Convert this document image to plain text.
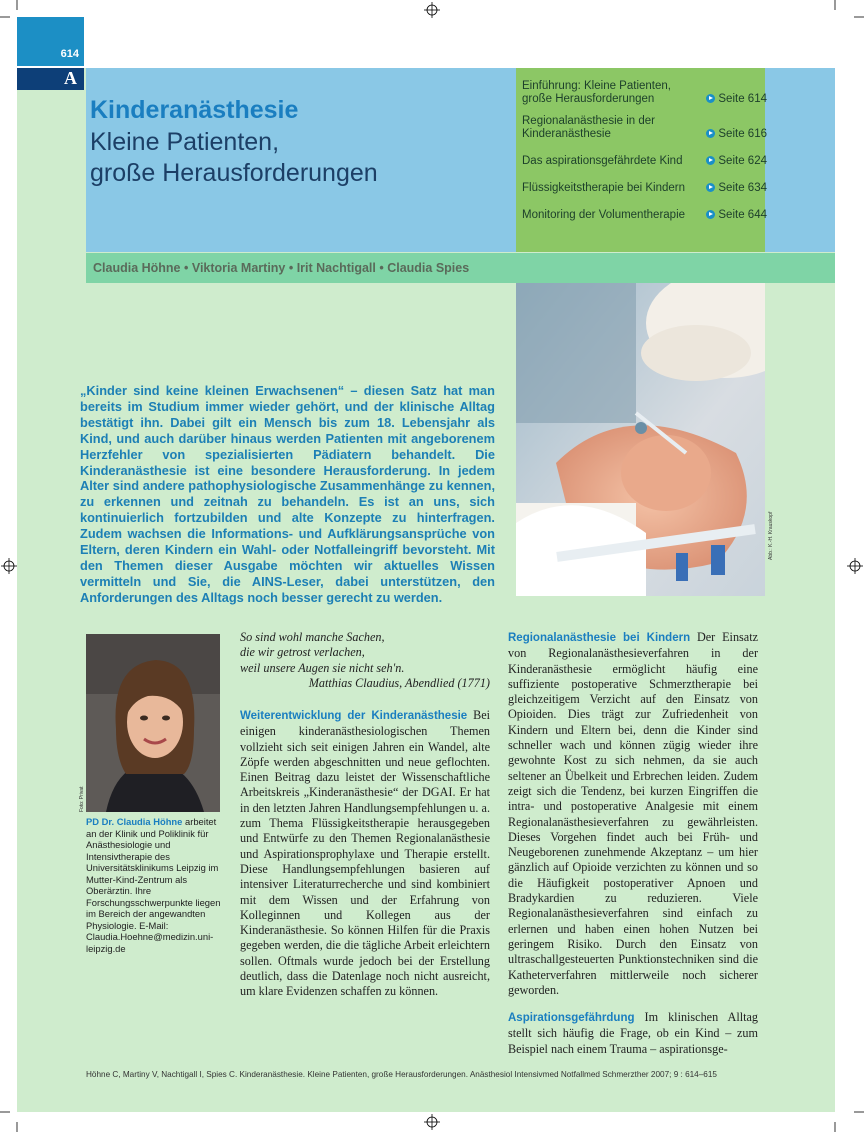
614
A
Kinderanästhesie
Kleine Patienten,
große Herausforderungen
Einführung: Kleine Patienten, große Herausforderungen	Seite 614
Regionalanästhesie in der Kinderanästhesie	Seite 616
Das aspirationsgefährdete Kind	Seite 624
Flüssigkeitstherapie bei Kindern	Seite 634
Monitoring der Volumentherapie	Seite 644
Claudia Höhne • Viktoria Martiny • Irit Nachtigall • Claudia Spies
Abb.: K.-H. Krauskopf
„Kinder sind keine kleinen Erwachsenen“ – diesen Satz hat man bereits im Studium immer wieder gehört, und der klinische Alltag bestätigt ihn. Dabei gilt ein Mensch bis zum 18. Lebensjahr als Kind, und auch darüber hinaus werden Patienten mit angeborenem Herzfehler von spezialisierten Pädiatern behandelt. Die Kinderanästhesie ist eine besondere Herausforderung. In jedem Alter sind andere pathophysiologische Zusammenhänge zu kennen, zu erkennen und zeitnah zu behandeln. Es ist an uns, sich kontinuierlich fortzubilden und alte Konzepte zu hinterfragen. Zudem wachsen die Informations- und Aufklärungsansprüche von Eltern, deren Kindern ein Wahl- oder Notfalleingriff bevorsteht. Mit den Themen dieser Ausgabe möchten wir aktuelles Wissen vermitteln und Sie, die AINS-Leser, dabei unterstützen, den Anforderungen des Alltags noch besser gerecht zu werden.
Foto: Privat
PD Dr. Claudia Höhne arbeitet an der Klinik und Poliklinik für Anästhesiologie und Intensivtherapie des Universitätsklinikums Leipzig im Mutter-Kind-Zentrum als Oberärztin. Ihre Forschungsschwerpunkte liegen im Bereich der angewandten Physiologie. E-Mail: Claudia.Hoehne@medizin.uni-leipzig.de
So sind wohl manche Sachen,
die wir getrost verlachen,
weil unsere Augen sie nicht seh'n.

Matthias Claudius, Abendlied (1771)
Weiterentwicklung der Kinderanästhesie Bei einigen kinderanästhesiologischen Themen vollzieht sich seit einigen Jahren ein Wandel, alte Zöpfe werden abgeschnitten und neue geflochten. Einen Beitrag dazu leistet der Wissenschaftliche Arbeitskreis „Kinderanästhesie“ der DGAI. Er hat in den letzten Jahren Handlungsempfehlungen u. a. zum Thema Flüssigkeitstherapie herausgegeben und Entwürfe zu den Themen Regionalanästhesie und Aspirationsprophylaxe und Therapie erstellt. Diese Handlungsempfehlungen basieren auf intensiver Literaturrecherche und sind kombiniert mit dem Wissen und der Erfahrung von Kolleginnen und Kollegen aus der Kinderanästhesie. So können Hilfen für die Praxis gegeben werden, die die tägliche Arbeit erleichtern sollen. Oftmals wurde jedoch bei der Erstellung deutlich, dass die Datenlage noch nicht ausreicht, um klare Evidenzen schaffen zu können.
Regionalanästhesie bei Kindern Der Einsatz von Regionalanästhesieverfahren in der Kinderanästhesie ermöglicht häufig eine suffiziente postoperative Schmerztherapie bei gleichzeitigem Verzicht auf den Einsatz von Opioiden. Dies trägt zur Zufriedenheit von Kindern und Eltern bei, denn die Kinder sind schneller wach und können zügig wieder ihre gewohnte Kost zu sich nehmen, da sie auch seltener an Übelkeit und Erbrechen leiden. Zudem zeigt sich die Tendenz, bei kurzen Eingriffen die intra- und postoperative Analgesie mit einem Regionalanästhesieverfahren zu gewährleisten. Dieses Vorgehen findet auch bei Früh- und Neugeborenen zunehmende Akzeptanz – um hier gänzlich auf Opioide verzichten zu können und so die Häufigkeit postoperativer Apnoen und Bradykardien zu reduzieren. Viele Regionalanästhesieverfahren sind einfach zu erlernen und haben einen hohen Nutzen bei geringem Risiko. Durch den Einsatz von ultraschallgesteuerten Punktionstechniken sind die Katheterverfahren mittlerweile noch sicherer geworden.
Aspirationsgefährdung Im klinischen Alltag stellt sich häufig die Frage, ob ein Kind – zum Beispiel nach einem Trauma – aspirationsge-
Höhne C, Martiny V, Nachtigall I, Spies C. Kinderanästhesie. Kleine Patienten, große Herausforderungen. Anästhesiol Intensivmed Notfallmed Schmerzther 2007; 9 : 614–615
